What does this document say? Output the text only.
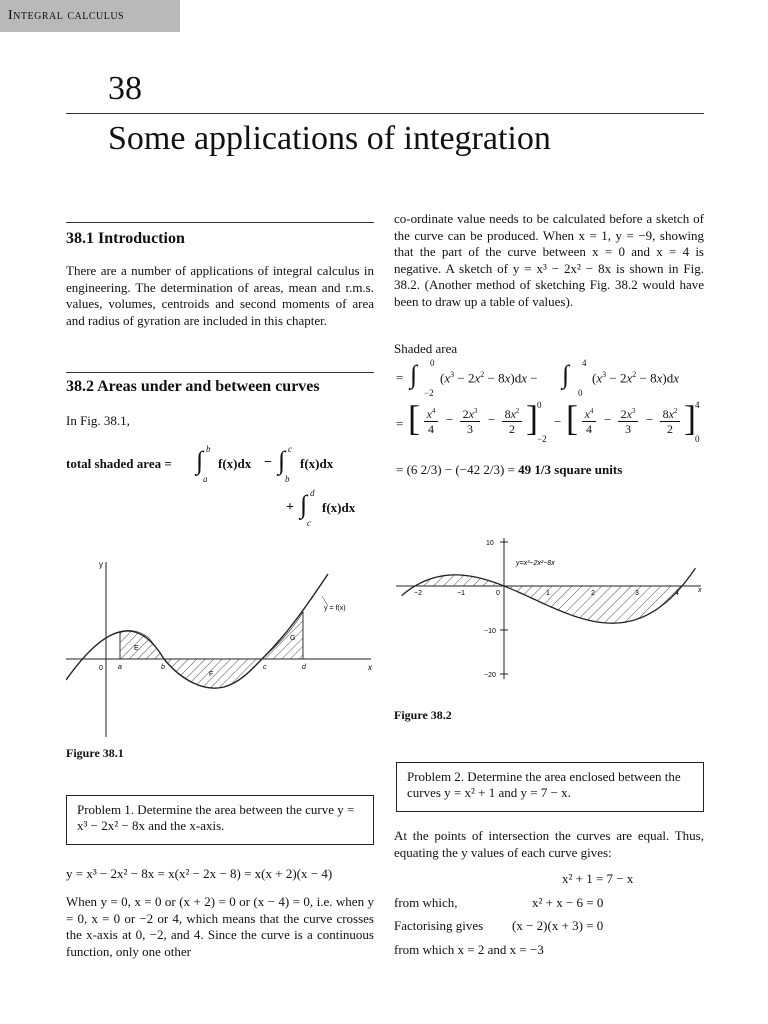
Integral calculus
38
Some applications of integration
38.1 Introduction
There are a number of applications of integral calculus in engineering. The determination of areas, mean and r.m.s. values, volumes, centroids and second moments of area and radius of gyration are included in this chapter.
38.2 Areas under and between curves
In Fig. 38.1,
total shaded area = ∫ b
a
f(x)dx − ∫ c
b
f(x)dx
+ ∫ d
c
f(x)dx
y
x
0 a	b	c	d
E
F
G
y = f(x)
Figure 38.1
Problem 1. Determine the area between the curve y = x³ − 2x² − 8x and the x-axis.
y = x³ − 2x² − 8x = x(x² − 2x − 8) = x(x + 2)(x − 4)
When y = 0, x = 0 or (x + 2) = 0 or (x − 4) = 0, i.e. when y = 0, x = 0 or −2 or 4, which means that the curve crosses the x-axis at 0, −2, and 4. Since the curve is a continuous function, only one other
co-ordinate value needs to be calculated before a sketch of the curve can be produced. When x = 1, y = −9, showing that the part of the curve between x = 0 and x = 4 is negative. A sketch of y = x³ − 2x² − 8x is shown in Fig. 38.2. (Another method of sketching Fig. 38.2 would have been to draw up a table of values).
Shaded area
= ∫ 0
−2
$(x^3 - 2x^2 - 8x)dx$ − ∫ 4
0
$(x^3 - 2x^2 - 8x)dx$
= [ $x^4$
4
− $2x^3$
3
− $8x^2$
2 ] 0
−2
− [ $x^4$
4
− $2x^3$
3
− $8x^2$
2 ] 4
0
= (6 2/3) − (−42 2/3) = 49 1/3 square units
10
0
−10
−20
−2	−1	1	2	3	4	x
y=x³−2x²−8x
Figure 38.2
Problem 2. Determine the area enclosed between the curves y = x² + 1 and y = 7 − x.
At the points of intersection the curves are equal. Thus, equating the y values of each curve gives:
x² + 1 = 7 − x
from which,	x² + x − 6 = 0
Factorising gives (x − 2)(x + 3) = 0
from which x = 2 and x = −3
